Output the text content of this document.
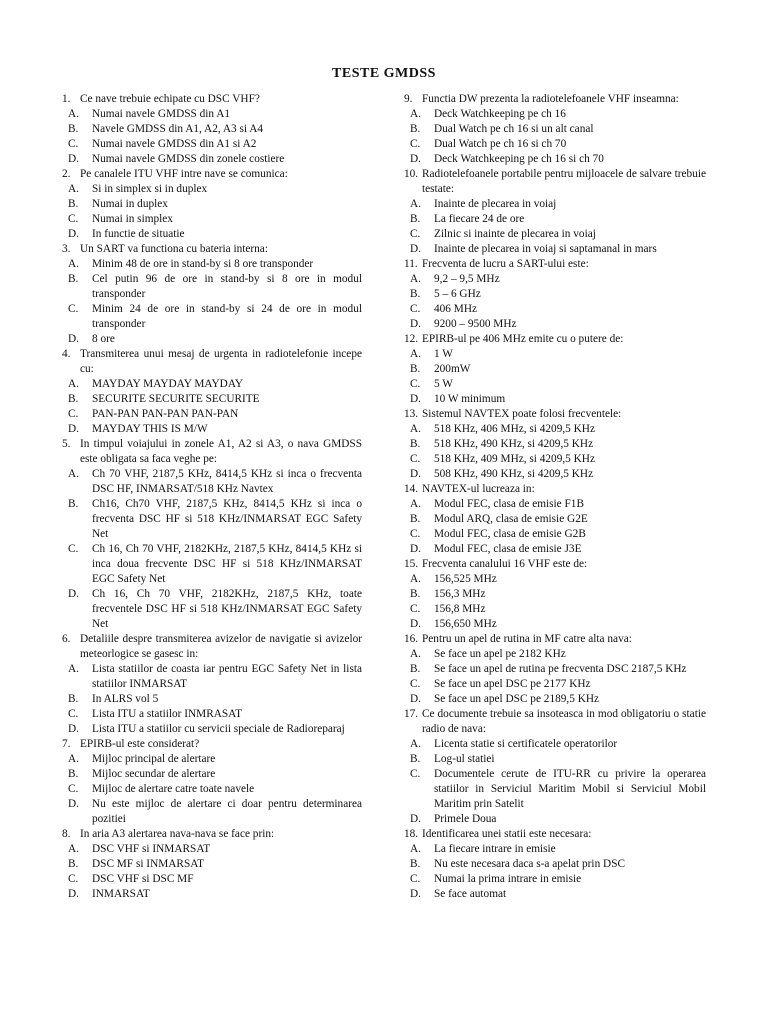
TESTE GMDSS
1. Ce nave trebuie echipate cu DSC VHF?
A.	Numai navele GMDSS din A1
B.	Navele GMDSS din A1, A2, A3 si A4
C.	Numai navele GMDSS din A1 si A2
D.	Numai navele GMDSS din zonele costiere
2. Pe canalele ITU VHF intre nave se comunica:
A.	Si in simplex si in duplex
B.	Numai in duplex
C.	Numai in simplex
D.	In functie de situatie
3. Un SART va functiona cu bateria interna:
A.	Minim 48 de ore in stand-by si 8 ore transponder
B.	Cel putin 96 de ore in stand-by si 8 ore in modul transponder
C.	Minim 24 de ore in stand-by si 24 de ore in modul transponder
D.	8 ore
4. Transmiterea unui mesaj de urgenta in radiotelefonie incepe cu:
A.	MAYDAY MAYDAY MAYDAY
B.	SECURITE SECURITE SECURITE
C.	PAN-PAN PAN-PAN PAN-PAN
D.	MAYDAY THIS IS M/W
5. In timpul voiajului in zonele A1, A2 si A3, o nava GMDSS este obligata sa faca veghe pe:
A.	Ch 70 VHF, 2187,5 KHz, 8414,5 KHz si inca o frecventa DSC HF, INMARSAT/518 KHz Navtex
B.	Ch16, Ch70 VHF, 2187,5 KHz, 8414,5 KHz si inca o frecventa DSC HF si 518 KHz/INMARSAT EGC Safety Net
C.	Ch 16, Ch 70 VHF, 2182KHz, 2187,5 KHz, 8414,5 KHz si inca doua frecvente DSC HF si 518 KHz/INMARSAT EGC Safety Net
D.	Ch 16, Ch 70 VHF, 2182KHz, 2187,5 KHz, toate frecventele DSC HF si 518 KHz/INMARSAT EGC Safety Net
6. Detaliile despre transmiterea avizelor de navigatie si avizelor meteorlogice se gasesc in:
A.	Lista statiilor de coasta iar pentru EGC Safety Net in lista statiilor INMARSAT
B.	In ALRS vol 5
C.	Lista ITU a statiilor INMRASAT
D.	Lista ITU a statiilor cu servicii speciale de Radioreparaj
7. EPIRB-ul este considerat?
A.	Mijloc principal de alertare
B.	Mijloc secundar de alertare
C.	Mijloc de alertare catre toate navele
D.	Nu este mijloc de alertare ci doar pentru determinarea pozitiei
8. In aria A3 alertarea nava-nava se face prin:
A.	DSC VHF si INMARSAT
B.	DSC MF si INMARSAT
C.	DSC VHF si DSC MF
D.	INMARSAT
9. Functia DW prezenta la radiotelefoanele VHF inseamna:
A.	Deck Watchkeeping pe ch 16
B.	Dual Watch pe ch 16 si un alt canal
C.	Dual Watch pe ch 16 si ch 70
D.	Deck Watchkeeping pe ch 16 si ch 70
10. Radiotelefoanele portabile pentru mijloacele de salvare trebuie testate:
A.	Inainte de plecarea in voiaj
B.	La fiecare 24 de ore
C.	Zilnic si inainte de plecarea in voiaj
D.	Inainte de plecarea in voiaj si saptamanal in mars
11. Frecventa de lucru a SART-ului este:
A.	9,2 – 9,5 MHz
B.	5 – 6 GHz
C.	406 MHz
D.	9200 – 9500 MHz
12. EPIRB-ul pe 406 MHz emite cu o putere de:
A.	1 W
B.	200mW
C.	5 W
D.	10 W minimum
13. Sistemul NAVTEX poate folosi frecventele:
A.	518 KHz, 406 MHz, si 4209,5 KHz
B.	518 KHz, 490 KHz, si 4209,5 KHz
C.	518 KHz, 409 MHz, si 4209,5 KHz
D.	508 KHz, 490 KHz, si 4209,5 KHz
14. NAVTEX-ul lucreaza in:
A.	Modul FEC, clasa de emisie F1B
B.	Modul ARQ, clasa de emisie G2E
C.	Modul FEC, clasa de emisie G2B
D.	Modul FEC, clasa de emisie J3E
15. Frecventa canalului 16 VHF este de:
A.	156,525 MHz
B.	156,3 MHz
C.	156,8 MHz
D.	156,650 MHz
16. Pentru un apel de rutina in MF catre alta nava:
A.	Se face un apel pe 2182 KHz
B.	Se face un apel de rutina pe frecventa DSC 2187,5 KHz
C.	Se face un apel DSC pe 2177 KHz
D.	Se face un apel DSC pe 2189,5 KHz
17. Ce documente trebuie sa insoteasca in mod obligatoriu o statie radio de nava:
A.	Licenta statie si certificatele operatorilor
B.	Log-ul statiei
C.	Documentele cerute de ITU-RR cu privire la operarea statiilor in Serviciul Maritim Mobil si Serviciul Mobil Maritim prin Satelit
D.	Primele Doua
18. Identificarea unei statii este necesara:
A.	La fiecare intrare in emisie
B.	Nu este necesara daca s-a apelat prin DSC
C.	Numai la prima intrare in emisie
D.	Se face automat
